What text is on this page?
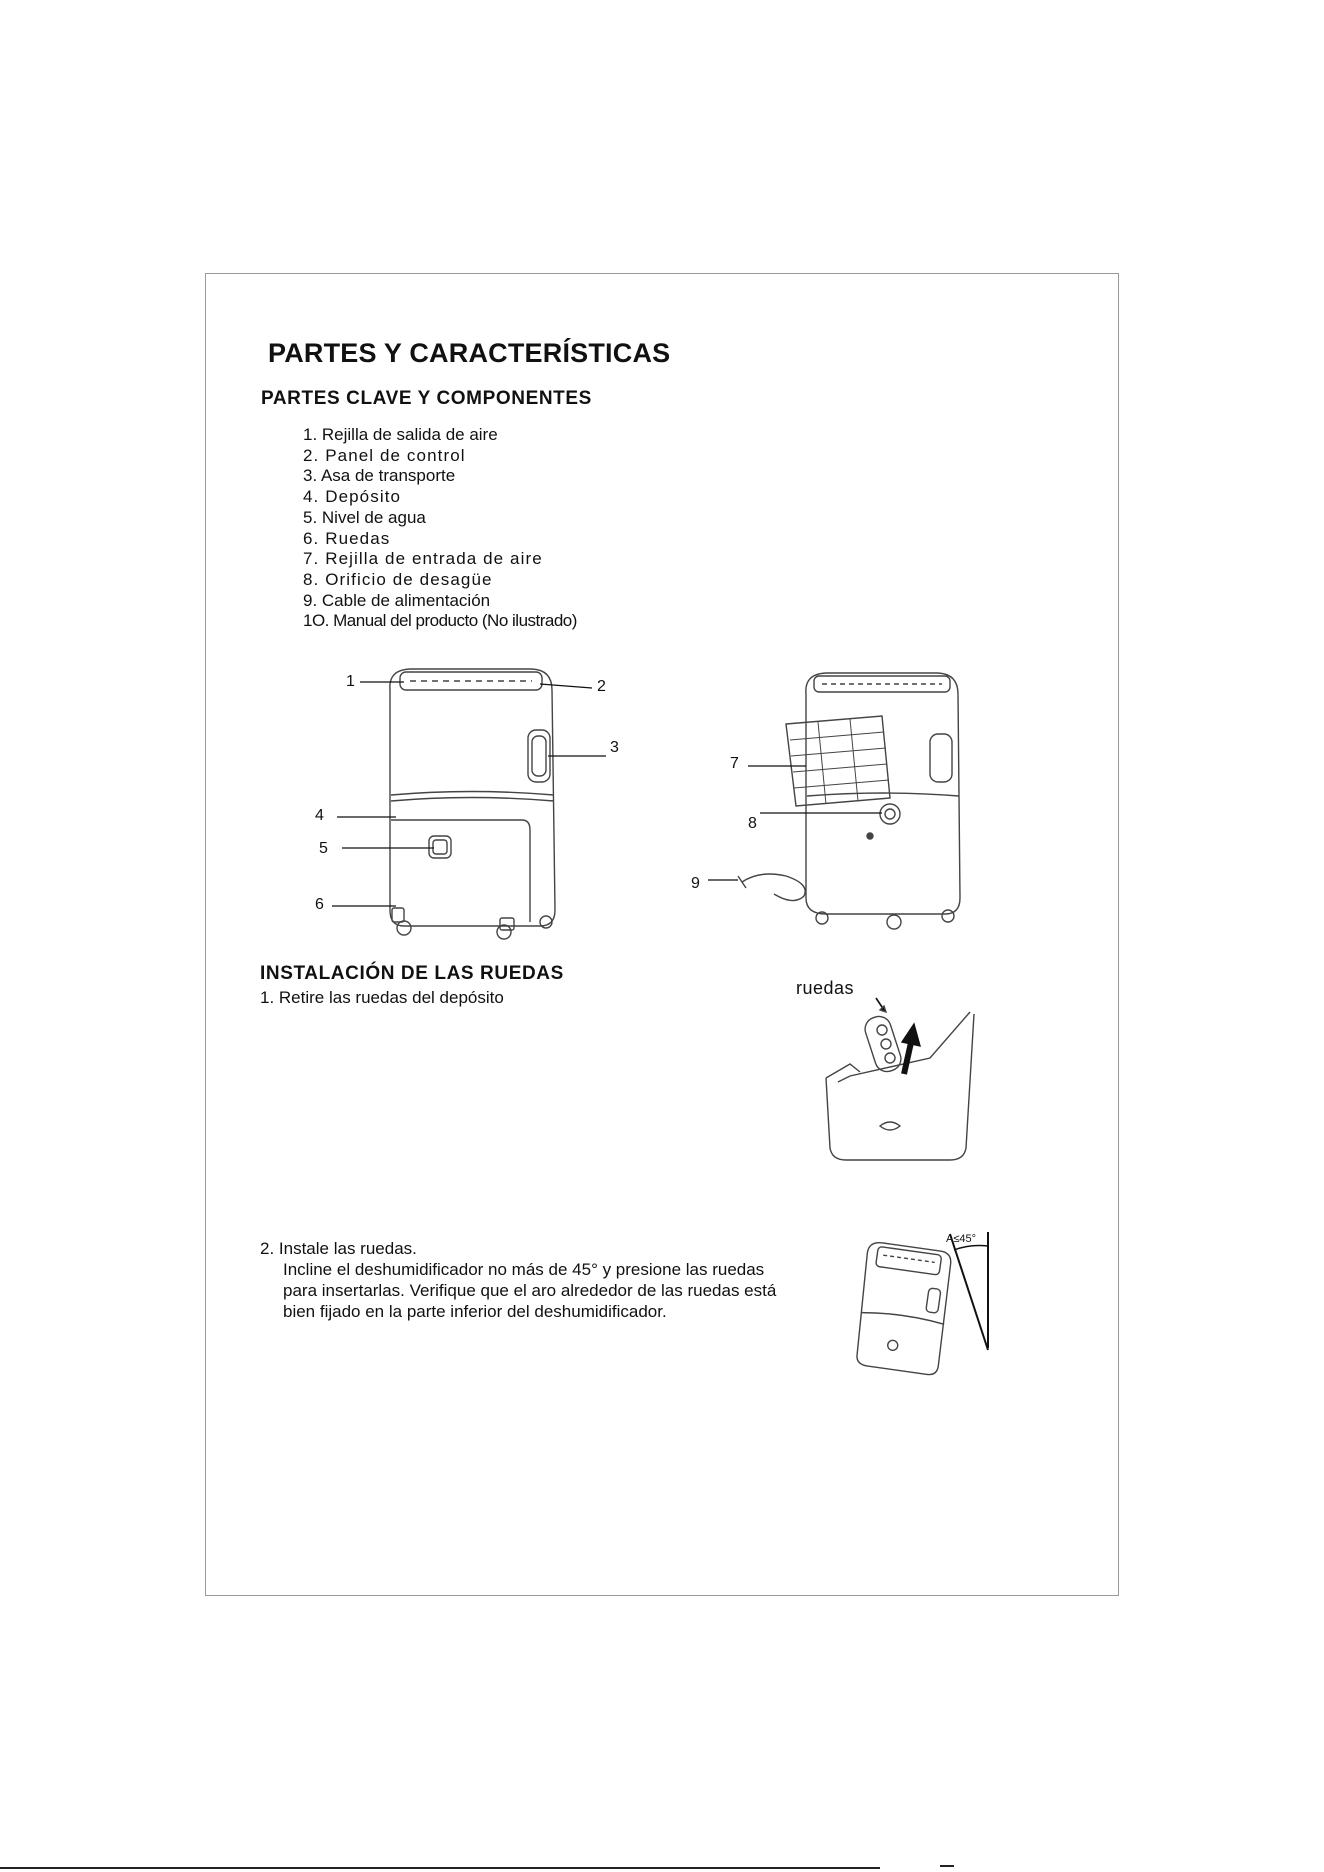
PARTES Y CARACTERÍSTICAS
PARTES CLAVE Y COMPONENTES
1. Rejilla de salida de aire
2. Panel de control
3. Asa de transporte
4. Depósito
5. Nivel de agua
6. Ruedas
7. Rejilla de entrada de aire
8. Orificio de desagüe
9. Cable de alimentación
1O. Manual del producto (No ilustrado)
1	2
3
4
5
6
7
8
9
INSTALACIÓN DE LAS RUEDAS
1. Retire las ruedas del depósito	ruedas
2. Instale las ruedas.
Incline el deshumidificador no más de 45° y presione las ruedas
para insertarlas. Verifique que el aro alrededor de las ruedas está
bien fijado en la parte inferior del deshumidificador.
A≤45°
